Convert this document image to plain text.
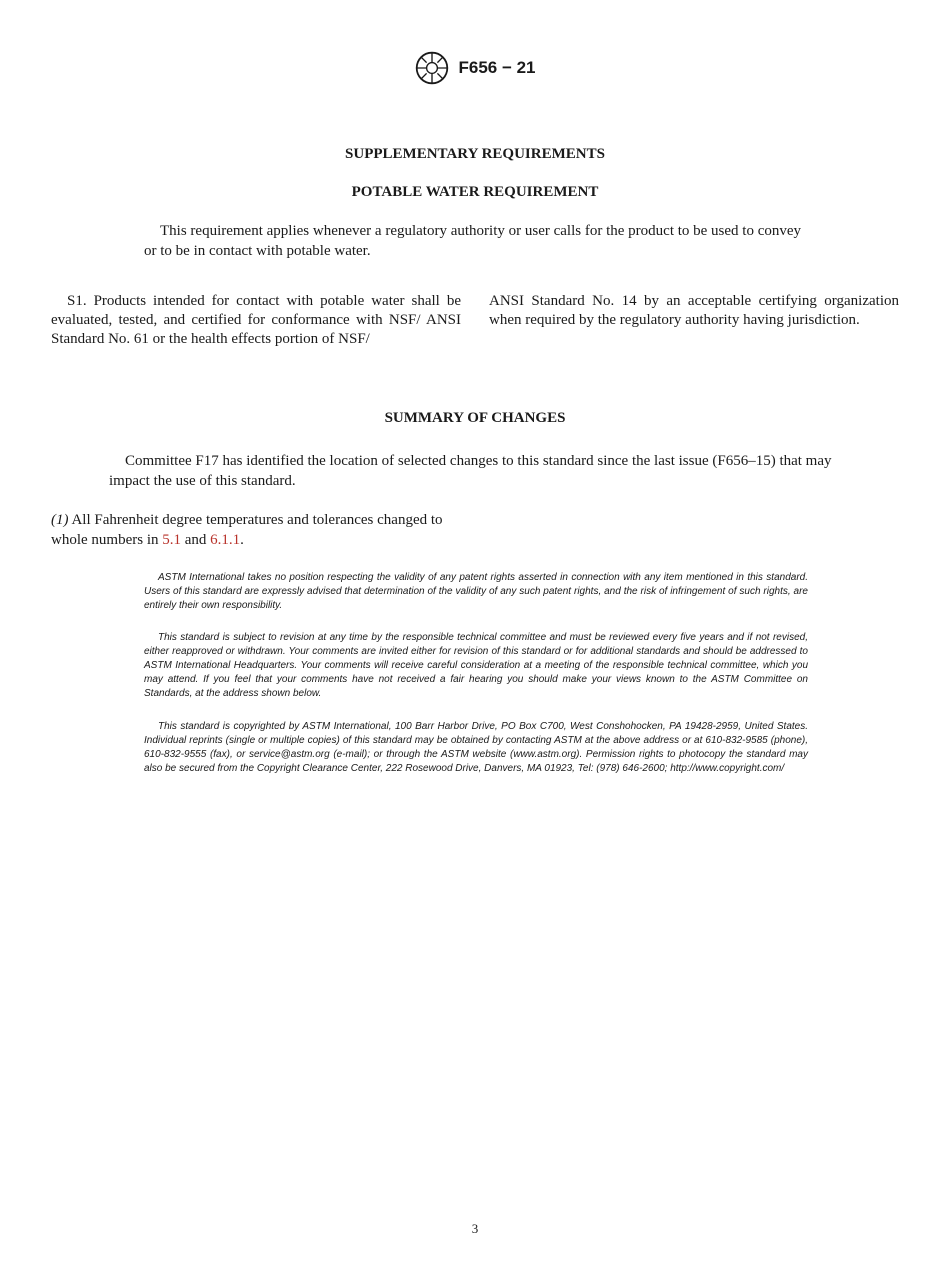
F656 − 21
SUPPLEMENTARY REQUIREMENTS
POTABLE WATER REQUIREMENT

This requirement applies whenever a regulatory authority or user calls for the product to be used to convey or to be in contact with potable water.

S1. Products intended for contact with potable water shall be evaluated, tested, and certified for conformance with NSF/ ANSI Standard No. 61 or the health effects portion of NSF/

ANSI Standard No. 14 by an acceptable certifying organization when required by the regulatory authority having jurisdiction.

SUMMARY OF CHANGES

Committee F17 has identified the location of selected changes to this standard since the last issue (F656–15) that may impact the use of this standard.

(1) All Fahrenheit degree temperatures and tolerances changed to whole numbers in 5.1 and 6.1.1.

ASTM International takes no position respecting the validity of any patent rights asserted in connection with any item mentioned in this standard. Users of this standard are expressly advised that determination of the validity of any such patent rights, and the risk of infringement of such rights, are entirely their own responsibility.

This standard is subject to revision at any time by the responsible technical committee and must be reviewed every five years and if not revised, either reapproved or withdrawn. Your comments are invited either for revision of this standard or for additional standards and should be addressed to ASTM International Headquarters. Your comments will receive careful consideration at a meeting of the responsible technical committee, which you may attend. If you feel that your comments have not received a fair hearing you should make your views known to the ASTM Committee on Standards, at the address shown below.

This standard is copyrighted by ASTM International, 100 Barr Harbor Drive, PO Box C700, West Conshohocken, PA 19428-2959, United States. Individual reprints (single or multiple copies) of this standard may be obtained by contacting ASTM at the above address or at 610-832-9585 (phone), 610-832-9555 (fax), or service@astm.org (e-mail); or through the ASTM website (www.astm.org). Permission rights to photocopy the standard may also be secured from the Copyright Clearance Center, 222 Rosewood Drive, Danvers, MA 01923, Tel: (978) 646-2600; http://www.copyright.com/

3
